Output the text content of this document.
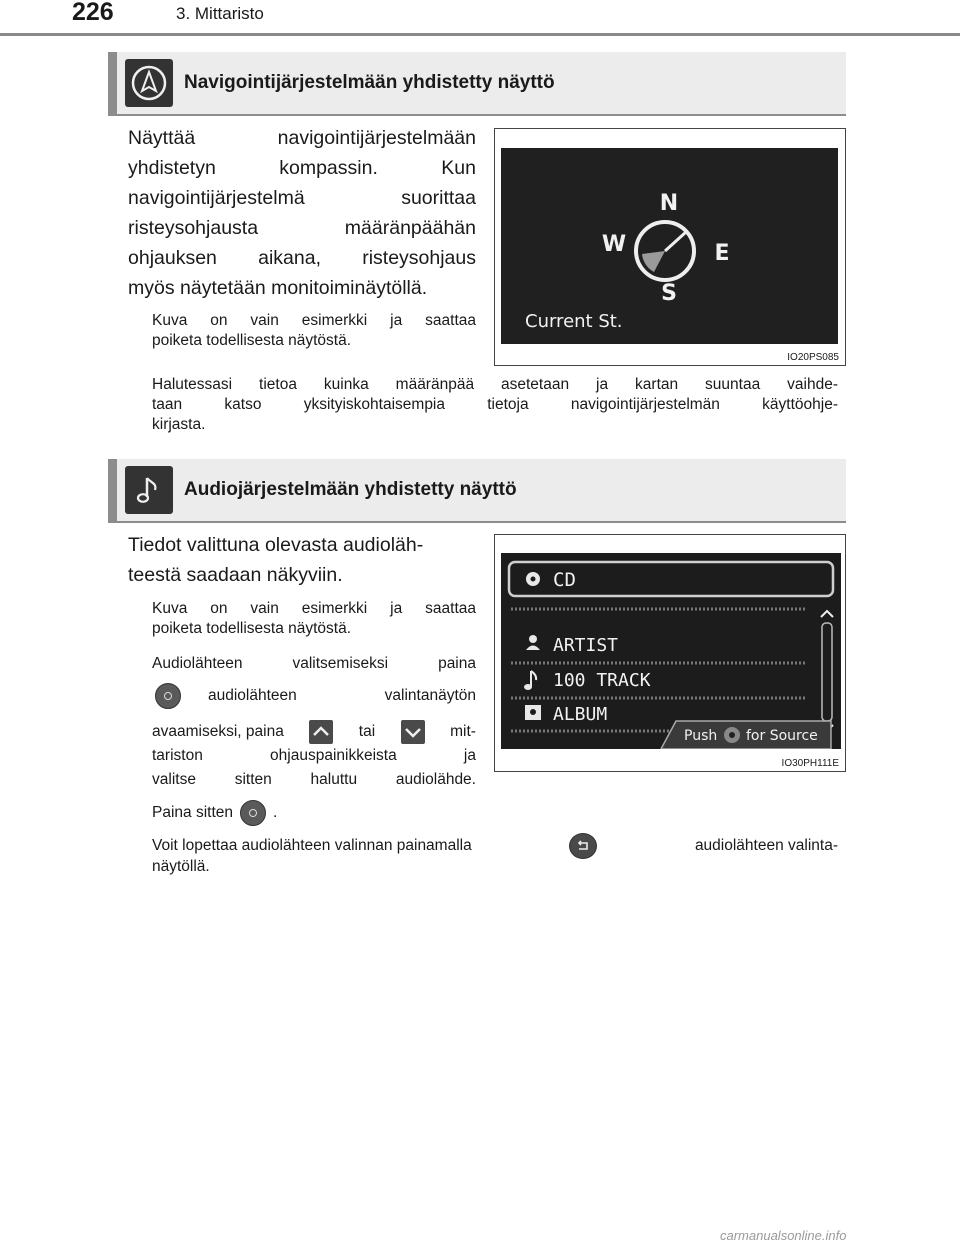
226	3. Mittaristo
Navigointijärjestelmään yhdistetty näyttö
Näyttää navigointijärjestelmään
yhdistetyn kompassin. Kun
navigointijärjestelmä suorittaa
risteysohjausta määränpäähän
ohjauksen aikana, risteysohjaus
myös näytetään monitoiminäytöllä.
Kuva on vain esimerkki ja saattaa
poiketa todellisesta näytöstä.
N
E
S
W
Current St.
IO20PS085
Halutessasi tietoa kuinka määränpää asetetaan ja kartan suuntaa vaihde-
taan katso yksityiskohtaisempia tietoja navigointijärjestelmän käyttöohje-
kirjasta.
Audiojärjestelmään yhdistetty näyttö
Tiedot valittuna olevasta audioläh-
teestä saadaan näkyviin.
Kuva on vain esimerkki ja saattaa
poiketa todellisesta näytöstä.
Audiolähteen valitsemiseksi paina
audiolähteen valintanäytön
avaamiseksi, paina	tai	mit-
tariston ohjauspainikkeista ja
valitse sitten haluttu audiolähde.
Paina sitten	.
Voit lopettaa audiolähteen valinnan painamalla	audiolähteen valinta-
näytöllä.
CD
ARTIST
100 TRACK
ALBUM
Push for Source
IO30PH111E
carmanualsonline.info
